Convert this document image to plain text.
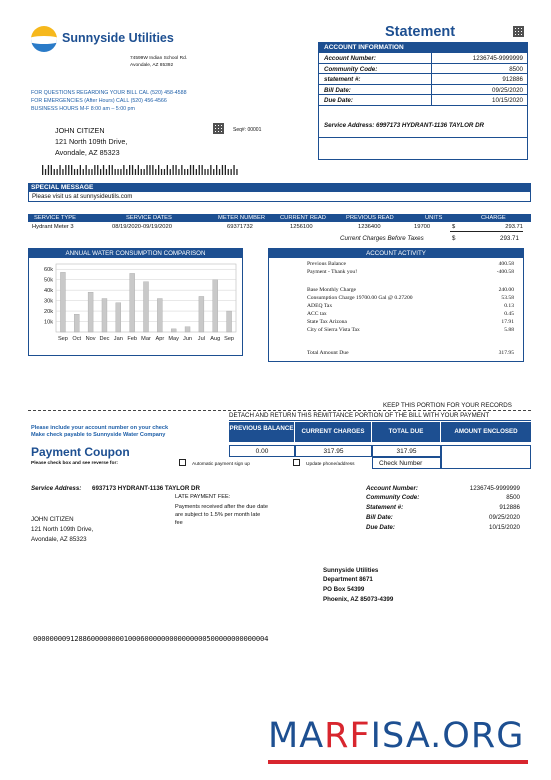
Sunnyside Utilities
74599W Indian School Rd.
Avondale, AZ 85392
FOR QUESTIONS REGARDING YOUR BILL CAL (520) 458-4588
FOR EMERGENCIES (After Hours) CALL (520) 456-4566
BUSINESS HOURS M-F 8:00 am – 5:00 pm
JOHN CITIZEN
121 North 109th Drive,
Avondale, AZ 85323
Seq#: 00001
Statement
ACCOUNT INFORMATION
Account Number:	1236745-9999999
Community Code:	8500
statement #:	912886
Bill Date:	09/25/2020
Due Date:	10/15/2020
Service Address: 6997173 HYDRANT-1136 TAYLOR DR
SPECIAL MESSAGE
Please visit us at sunnysideutils.com
SERVICE TYPE	SERVICE DATES	METER NUMBER	CURRENT READ	PREVIOUS READ	UNITS	CHARGE
Hydrant Meter 3	08/19/2020-09/19/2020	69371732	1256100	1236400	19700	$	293.71
Current Charges Before Taxes	$	293.71
ANNUAL WATER CONSUMPTION COMPARISON
60k
50k
40k
30k
20k
10k
Sep Oct Nov Dec Jan Feb Mar Apr May Jun Jul Aug Sep
ACCOUNT ACTIVITY
Previous Balance	400.58
Payment - Thank you!	-400.58
Base Monthly Charge	240.00
Consumption Charge 19700.00 Gal @ 0.27200	53.58
ADEQ Tax	0.13
ACC tax	0.45
State Tax Arizona	17.91
City of Sierra Vista Tax	5.88
Total Amount Due	317.95
KEEP THIS PORTION FOR YOUR RECORDS
DETACH AND RETURN THIS REMITTANCE PORTION OF THE BILL WITH YOUR PAYMENT
Please include your account number on your check
Make check payable to Sunnyside Water Company
Payment Coupon
Please check box and see reverse for:	Automatic payment sign up	Update phone/address
PREVIOUS BALANCE	CURRENT CHARGES	TOTAL DUE	AMOUNT ENCLOSED
0.00	317.95	317.95
Check Number
Service Address: 6937173 HYDRANT-1136 TAYLOR DR
LATE PAYMENT FEE:
Payments received after the due date
are subject to 1.5% per month late
fee
JOHN CITIZEN
121 North 109th Drive,
Avondale, AZ 85323
Account Number:	1236745-9999999
Community Code:	8500
Statement #:	912886
Bill Date:	09/25/2020
Due Date:	10/15/2020
Sunnyside Utilities
Department 8671
PO Box 54399
Phoenix, AZ 85073-4399
000000009128860000000010006000000000000000500000000000004
MARFISA.ORG
